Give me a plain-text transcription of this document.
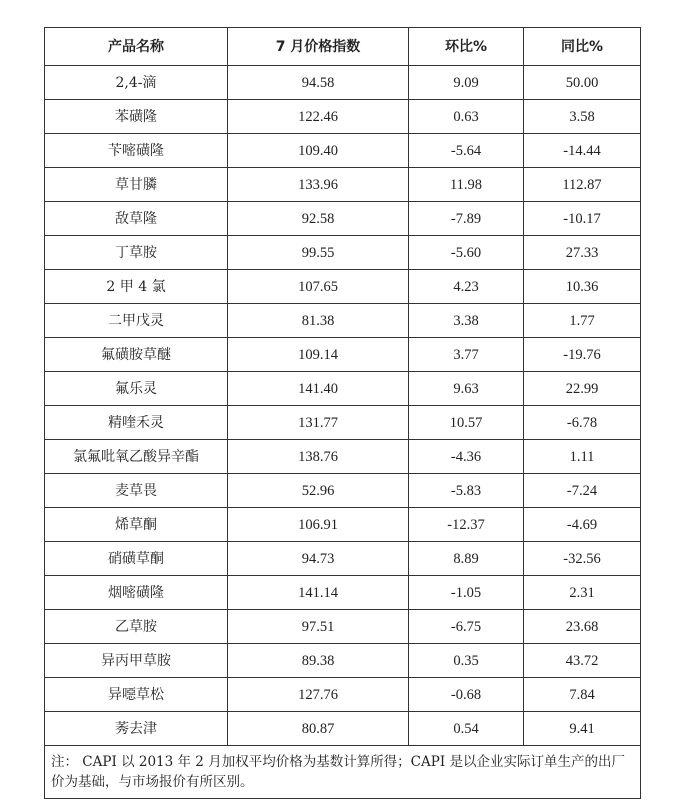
产品名称	7 月价格指数	环比%	同比%
2,4-滴	94.58	9.09	50.00
苯磺隆	122.46	0.63	3.58
苄嘧磺隆	109.40	-5.64	-14.44
草甘膦	133.96	11.98	112.87
敌草隆	92.58	-7.89	-10.17
丁草胺	99.55	-5.60	27.33
2 甲 4 氯	107.65	4.23	10.36
二甲戊灵	81.38	3.38	1.77
氟磺胺草醚	109.14	3.77	-19.76
氟乐灵	141.40	9.63	22.99
精喹禾灵	131.77	10.57	-6.78
氯氟吡氧乙酸异辛酯	138.76	-4.36	1.11
麦草畏	52.96	-5.83	-7.24
烯草酮	106.91	-12.37	-4.69
硝磺草酮	94.73	8.89	-32.56
烟嘧磺隆	141.14	-1.05	2.31
乙草胺	97.51	-6.75	23.68
异丙甲草胺	89.38	0.35	43.72
异噁草松	127.76	-0.68	7.84
莠去津	80.87	0.54	9.41
注： CAPI 以 2013 年 2 月加权平均价格为基数计算所得；CAPI 是以企业实际订单生产的出厂价为基础，与市场报价有所区别。			
